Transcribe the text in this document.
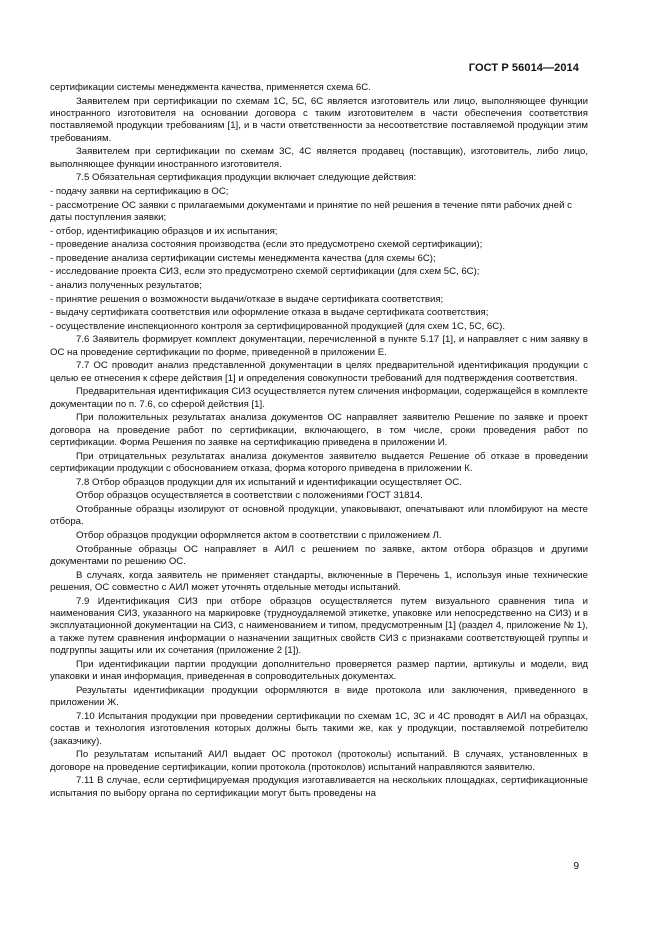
ГОСТ Р 56014—2014

сертификации системы менеджмента качества, применяется схема 6С.

Заявителем при сертификации по схемам 1С, 5С, 6С является изготовитель или лицо, выполняющее функции иностранного изготовителя на основании договора с таким изготовителем в части обеспечения соответствия поставляемой продукции требованиям [1], и в части ответственности за несоответствие поставляемой продукции этим требованиям.

Заявителем при сертификации по схемам 3С, 4С является продавец (поставщик), изготовитель, либо лицо, выполняющее функции иностранного изготовителя.

7.5 Обязательная сертификация продукции включает следующие действия:

- подачу заявки на сертификацию в ОС;

- рассмотрение ОС заявки с прилагаемыми документами и принятие по ней решения в течение пяти рабочих дней с даты поступления заявки;

- отбор, идентификацию образцов и их испытания;

- проведение анализа состояния производства (если это предусмотрено схемой сертификации);

- проведение анализа сертификации системы менеджмента качества (для схемы 6С);

- исследование проекта СИЗ, если это предусмотрено схемой сертификации (для схем 5С, 6С);

- анализ полученных результатов;

- принятие решения о возможности выдачи/отказе в выдаче сертификата соответствия;

- выдачу сертификата соответствия или оформление отказа в выдаче сертификата соответствия;

- осуществление инспекционного контроля за сертифицированной продукцией (для схем 1С, 5С, 6С).

7.6 Заявитель формирует комплект документации, перечисленной в пункте 5.17 [1], и направляет с ним заявку в ОС на проведение сертификации по форме, приведенной в приложении Е.

7.7 ОС проводит анализ представленной документации в целях предварительной идентификация продукции с целью ее отнесения к сфере действия [1] и определения совокупности требований для подтверждения соответствия.

Предварительная идентификация СИЗ осуществляется путем сличения информации, содержащейся в комплекте документации по п. 7.6, со сферой действия [1].

При положительных результатах анализа документов ОС направляет заявителю Решение по заявке и проект договора на проведение работ по сертификации, включающего, в том числе, сроки проведения работ по сертификации. Форма Решения по заявке на сертификацию приведена в приложении И.

При отрицательных результатах анализа документов заявителю выдается Решение об отказе в проведении сертификации продукции с обоснованием отказа, форма которого приведена в приложении К.

7.8 Отбор образцов продукции для их испытаний и идентификации осуществляет ОС.

Отбор образцов осуществляется в соответствии с положениями ГОСТ 31814.

Отобранные образцы изолируют от основной продукции, упаковывают, опечатывают или пломбируют на месте отбора.

Отбор образцов продукции оформляется актом в соответствии с приложением Л.

Отобранные образцы ОС направляет в АИЛ с решением по заявке, актом отбора образцов и другими документами по решению ОС.

В случаях, когда заявитель не применяет стандарты, включенные в Перечень 1, используя иные технические решения, ОС совместно с АИЛ может уточнять отдельные методы испытаний.

7.9 Идентификация СИЗ при отборе образцов осуществляется путем визуального сравнения типа и наименования СИЗ, указанного на маркировке (трудноудаляемой этикетке, упаковке или непосредственно на СИЗ) и в эксплуатационной документации на СИЗ, с наименованием и типом, предусмотренным [1] (раздел 4, приложение № 1), а также путем сравнения информации о назначении защитных свойств СИЗ с признаками соответствующей группы и подгруппы защиты или их сочетания (приложение 2 [1]).

При идентификации партии продукции дополнительно проверяется размер партии, артикулы и модели, вид упаковки и иная информация, приведенная в сопроводительных документах.

Результаты идентификации продукции оформляются в виде протокола или заключения, приведенного в приложении Ж.

7.10 Испытания продукции при проведении сертификации по схемам 1С, 3С и 4С проводят в АИЛ на образцах, состав и технология изготовления которых должны быть такими же, как у продукции, поставляемой потребителю (заказчику).

По результатам испытаний АИЛ выдает ОС протокол (протоколы) испытаний. В случаях, установленных в договоре на проведение сертификации, копии протокола (протоколов) испытаний направляются заявителю.

7.11 В случае, если сертифицируемая продукция изготавливается на нескольких площадках, сертификационные испытания по выбору органа по сертификации могут быть проведены на

9
